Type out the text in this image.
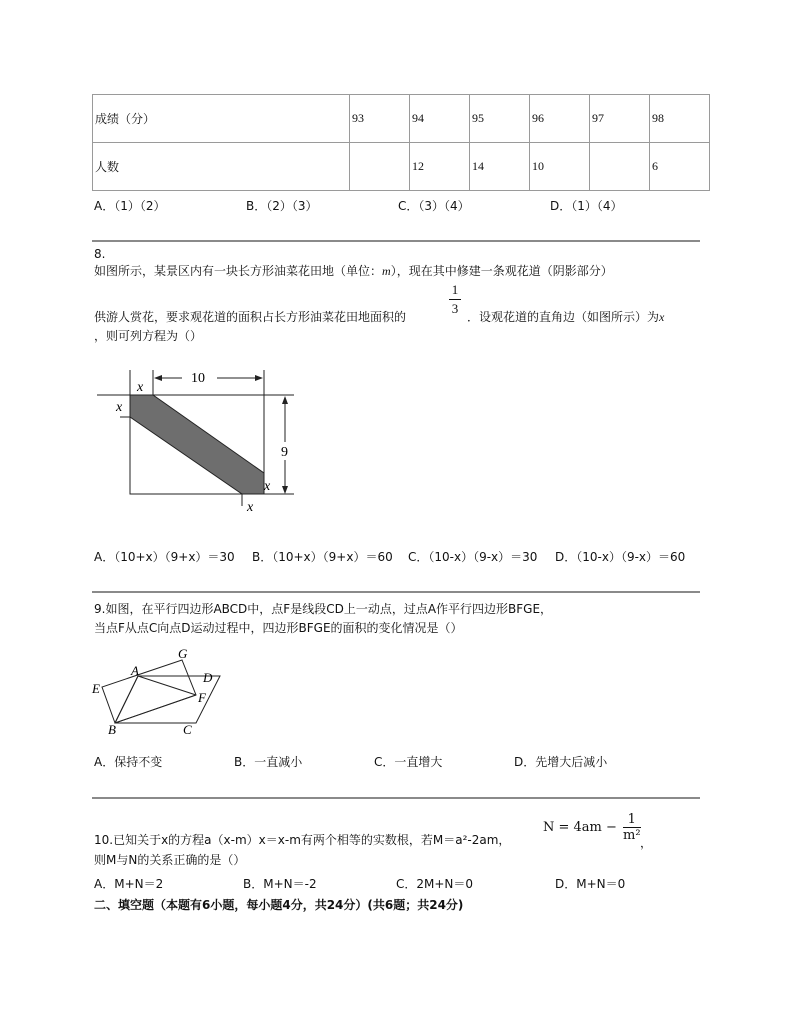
成绩（分）	93	94	95	96	97	98
人数		12	14	10		6
A．（1）（2）	B．（2）（3）	C．（3）（4）	D．（1）（4）
8.
如图所示，某景区内有一块长方形油菜花田地（单位：m），现在其中修建一条观花道（阴影部分）
1
3
供游人赏花，要求观花道的面积占长方形油菜花田地面积的	．设观花道的直角边（如图所示）为x
，则可列方程为（）
10
9
x
x
x
x
A．（10+x）（9+x）＝30 B．（10+x）（9+x）＝60 C．（10-x）（9-x）＝30 D．（10-x）（9-x）＝60
9.如图，在平行四边形ABCD中，点F是线段CD上一动点，过点A作平行四边形BFGE，
当点F从点C向点D运动过程中，四边形BFGE的面积的变化情况是（）
G
A	D
E
F
B	C
A．保持不变	B．一直减小	C．一直增大	D．先增大后减小
$N = 4am - \frac{1}{\text{m²}}$ ，
10.已知关于x的方程a（x-m）x＝x-m有两个相等的实数根，若M＝a²-2am，
则M与N的关系正确的是（）
A．M+N＝2	B．M+N＝-2	C．2M+N＝0	D．M+N＝0
二、填空题（本题有6小题，每小题4分，共24分）(共6题；共24分)
